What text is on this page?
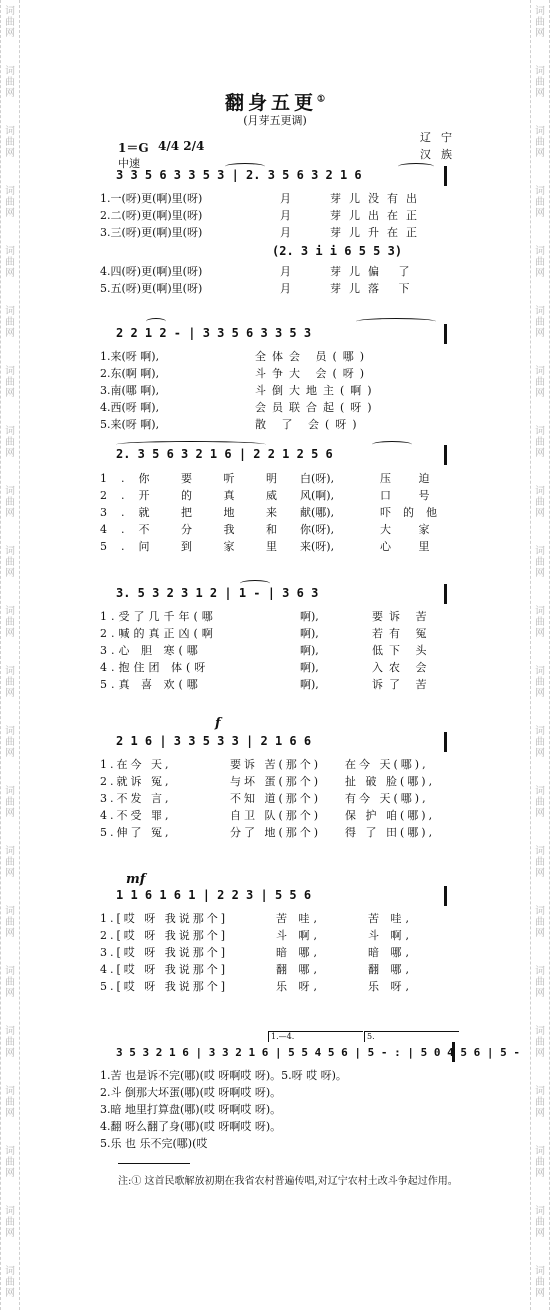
词
曲
网
词
曲
网
词
曲
网
词
曲
网
词
曲
网
词
曲
网
词
曲
网
词
曲
网
词
曲
网
词
曲
网
词
曲
网
词
曲
网
词
曲
网
词
曲
网
词
曲
网
词
曲
网
词
曲
网
词
曲
网
词
曲
网
词
曲
网
词
曲
网
词
曲
网
词
曲
网
词
曲
网
词
曲
网
词
曲
网
词
曲
网
词
曲
网
词
曲
网
词
曲
网
词
曲
网
词
曲
网
词
曲
网
词
曲
网
词
曲
网
词
曲
网
词
曲
网
词
曲
网
词
曲
网
词
曲
网
词
曲
网
词
曲
网
词
曲
网
词
曲
网
翻身五更①
(月芽五更调)
1＝G 4/4 2/4
中速
辽宁
汉族
3 3 5 6 3 3 5 3 | 2. 3 5 6 3 2 1 6
1.一(呀)更(啊)里(呀)	月	芽儿没有出
2.二(呀)更(啊)里(呀)	月	芽儿出在正
3.三(呀)更(啊)里(呀)	月	芽儿升在正
(2. 3 i i 6 5 5 3)
4.四(呀)更(啊)里(呀)	月	芽儿偏 了
5.五(呀)更(啊)里(呀)	月	芽儿落 下
2 2 1 2 - | 3 3 5 6 3 3 5 3
1.来(呀 啊),	全体会 员(哪)
2.东(啊 啊),	斗争大 会(呀)
3.南(哪 啊),	斗倒大地主(啊)
4.西(呀 啊),	会员联合起(呀)
5.来(呀 啊),	散 了 会(呀)
2. 3 5 6 3 2 1 6 | 2 2 1 2 5 6
1.你 要 听 明 白(呀),	压 迫
2.开 的 真 威 风(啊),	口 号
3.就 把 地 来 献(哪),	吓的他
4.不 分 我 和 你(呀),	大 家
5.问 到 家 里 来(呀),	心 里
3. 5 3 2 3 1 2 | 1 - | 3 6 3
1.受了几千年(哪	啊),	要诉 苦
2.喊的真正凶(啊	啊),	若有 冤
3.心 胆 寒(哪	啊),	低下 头
4.抱住团 体(呀	啊),	入农 会
5.真 喜 欢(哪	啊),	诉了 苦
f
2 1 6 | 3 3 5 3 3 | 2 1 6 6
1.在今 天,	要诉 苦(那个) 在今 天(哪),
2.就诉 冤,	与坏 蛋(那个) 扯 破 脸(哪),
3.不发 言,	不知 道(那个) 有今 天(哪),
4.不受 罪,	自卫 队(那个) 保 护 咱(哪),
5.伸了 冤,	分了 地(那个) 得 了 田(哪),
mf
1 1 6 1 6 1 | 2 2 3 | 5 5 6
1.[哎 呀 我说那个]	苦 哇,	苦 哇,
2.[哎 呀 我说那个]	斗 啊,	斗 啊,
3.[哎 呀 我说那个]	暗 哪,	暗 哪,
4.[哎 呀 我说那个]	翻 哪,	翻 哪,
5.[哎 呀 我说那个]	乐 呀,	乐 呀,
1.—4.	5.
3 5 3 2 1 6 | 3 3 2 1 6 | 5 5 4 5 6 | 5 - : | 5 0 4 5 6 | 5 -
1.苦 也是诉不完(哪)(哎 呀啊哎 呀)。5.呀 哎 呀)。
2.斗 倒那大坏蛋(哪)(哎 呀啊哎 呀)。
3.暗 地里打算盘(哪)(哎 呀啊哎 呀)。
4.翻 呀么翻了身(哪)(哎 呀啊哎 呀)。
5.乐 也 乐不完(哪)(哎
注:① 这首民歌解放初期在我省农村普遍传唱,对辽宁农村土改斗争起过作用。
